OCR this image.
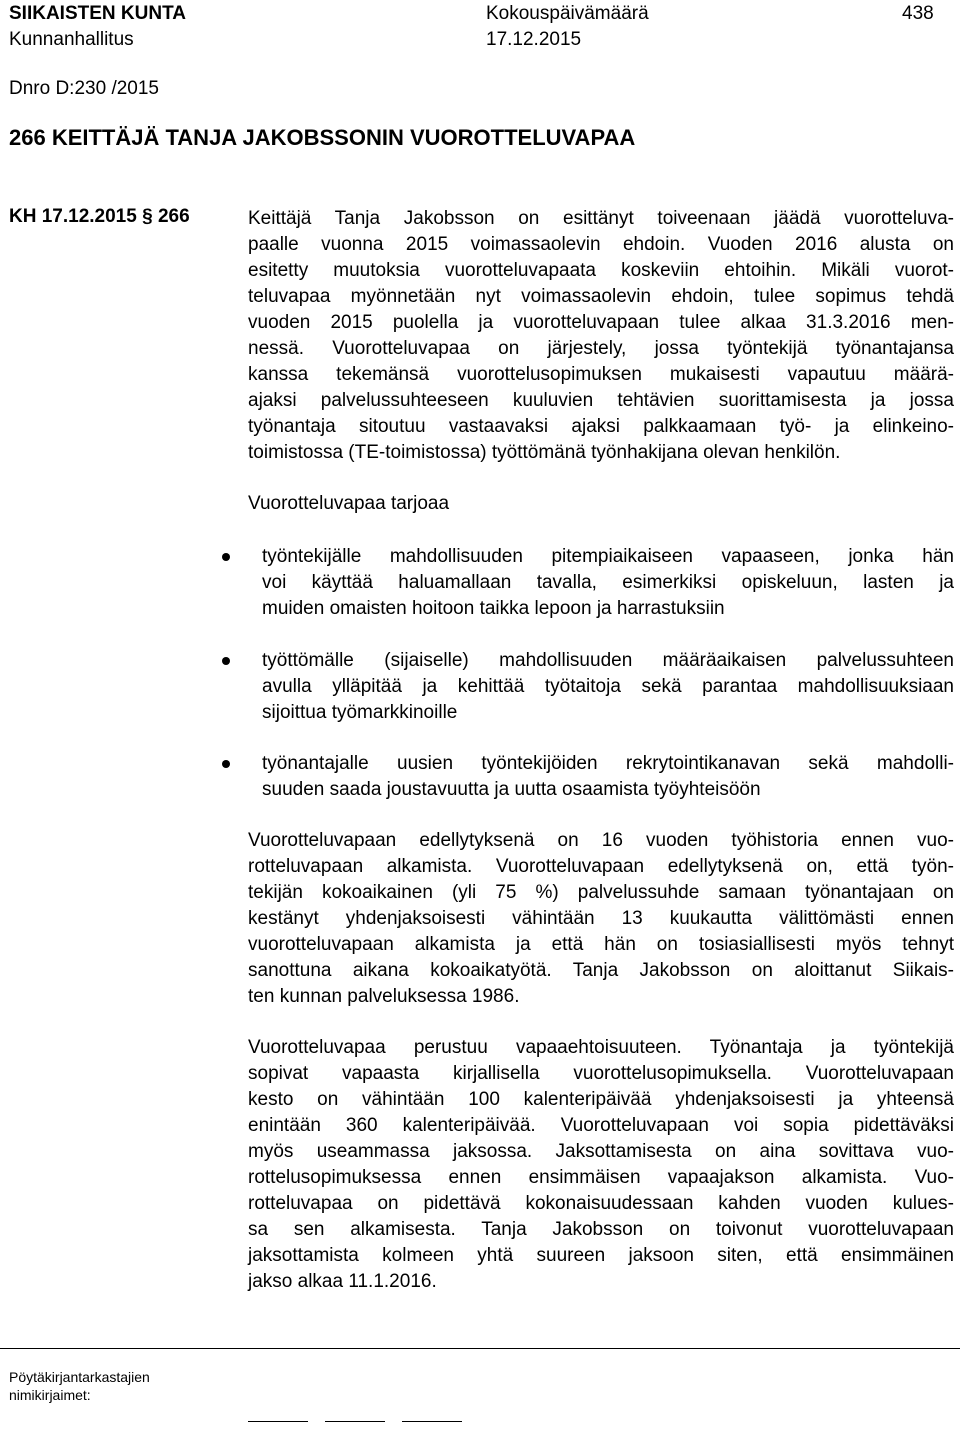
SIIKAISTEN KUNTA
Kunnanhallitus
Kokouspäivämäärä
17.12.2015
438
Dnro D:230 /2015
266 KEITTÄJÄ TANJA JAKOBSSONIN VUOROTTELUVAPAA
KH 17.12.2015 § 266	Keittäjä Tanja Jakobsson on esittänyt toiveenaan jäädä vuorotteluva-
paalle vuonna 2015 voimassaolevin ehdoin. Vuoden 2016 alusta on
esitetty muutoksia vuorotteluvapaata koskeviin ehtoihin. Mikäli vuorot-
teluvapaa myönnetään nyt voimassaolevin ehdoin, tulee sopimus tehdä
vuoden 2015 puolella ja vuorotteluvapaan tulee alkaa 31.3.2016 men-
nessä. Vuorotteluvapaa on järjestely, jossa työntekijä työnantajansa
kanssa tekemänsä vuorottelusopimuksen mukaisesti vapautuu määrä-
ajaksi palvelussuhteeseen kuuluvien tehtävien suorittamisesta ja jossa
työnantaja sitoutuu vastaavaksi ajaksi palkkaamaan työ- ja elinkeino-
toimistossa (TE-toimistossa) työttömänä työnhakijana olevan henkilön.
Vuorotteluvapaa tarjoaa
työntekijälle mahdollisuuden pitempiaikaiseen vapaaseen, jonka hän
voi käyttää haluamallaan tavalla, esimerkiksi opiskeluun, lasten ja
muiden omaisten hoitoon taikka lepoon ja harrastuksiin
työttömälle (sijaiselle) mahdollisuuden määräaikaisen palvelussuhteen
avulla ylläpitää ja kehittää työtaitoja sekä parantaa mahdollisuuksiaan
sijoittua työmarkkinoille
työnantajalle uusien työntekijöiden rekrytointikanavan sekä mahdolli-
suuden saada joustavuutta ja uutta osaamista työyhteisöön
Vuorotteluvapaan edellytyksenä on 16 vuoden työhistoria ennen vuo-
rotteluvapaan alkamista. Vuorotteluvapaan edellytyksenä on, että työn-
tekijän kokoaikainen (yli 75 %) palvelussuhde samaan työnantajaan on
kestänyt yhdenjaksoisesti vähintään 13 kuukautta välittömästi ennen
vuorotteluvapaan alkamista ja että hän on tosiasiallisesti myös tehnyt
sanottuna aikana kokoaikatyötä. Tanja Jakobsson on aloittanut Siikais-
ten kunnan palveluksessa 1986.
Vuorotteluvapaa perustuu vapaaehtoisuuteen. Työnantaja ja työntekijä
sopivat vapaasta kirjallisella vuorottelusopimuksella. Vuorotteluvapaan
kesto on vähintään 100 kalenteripäivää yhdenjaksoisesti ja yhteensä
enintään 360 kalenteripäivää. Vuorotteluvapaan voi sopia pidettäväksi
myös useammassa jaksossa. Jaksottamisesta on aina sovittava vuo-
rottelusopimuksessa ennen ensimmäisen vapaajakson alkamista. Vuo-
rotteluvapaa on pidettävä kokonaisuudessaan kahden vuoden kulues-
sa sen alkamisesta. Tanja Jakobsson on toivonut vuorotteluvapaan
jaksottamista kolmeen yhtä suureen jaksoon siten, että ensimmäinen
jakso alkaa 11.1.2016.
Pöytäkirjantarkastajien
nimikirjaimet:
